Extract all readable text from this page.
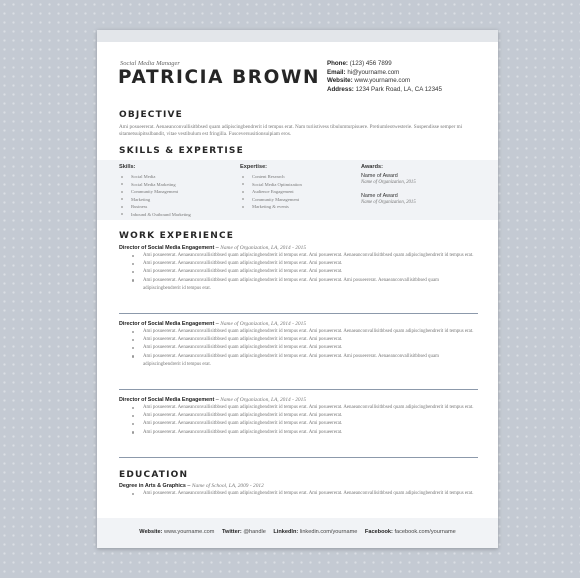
Social Media Manager
PATRICIA BROWN
Phone: (123) 456 7899
Email: hi@yourname.com
Website: www.yourname.com
Address: 1234 Park Road, LA, CA 12345
OBJECTIVE
Ami posueererat. Aenaeanconvallisitbbsed quam adipiscingbendrerit id tempus erat. Nam turiistivess tibulumturpisuere. Pretiumleotwesterie. Suspendisse semper mi sitametsuipitsslbandit, vitae vestibulum est fringilla. Fusceversusitionsuipiam eros.
SKILLS & EXPERTISE
Skills:
Social Media
Social Media Marketing
Community Management
Marketing
Business
Inbound & Outbound Marketing
Expertise:
Content Research
Social Media Optimization
Audience Engagement
Community Management
Marketing & events
Awards:
Name of Award
Name of Organization, 2015
Name of Award
Name of Organization, 2015
WORK EXPERIENCE
Director of Social Media Engagement – Name of Organization, LA, 2014 - 2015
Ami posueererat. Aenaeanconvallisitbbsed quam adipiscingbendrerit id tempus erat. Ami posueererat. Aenaeanconvallisitbbsed quam adipiscingbendrerit id tempus erat.
Ami posueererat. Aenaeanconvallisitbbsed quam adipiscingbendrerit id tempus erat. Ami posueererat.
Ami posueererat. Aenaeanconvallisitbbsed quam adipiscingbendrerit id tempus erat. Ami posueererat.
Ami posueererat. Aenaeanconvallisitbbsed quam adipiscingbendrerit id tempus erat. Ami posueererat. Ami posueererat. Aenaeanconvallisitbbsed quam adipiscingbendrerit id tempus erat.
Director of Social Media Engagement – Name of Organization, LA, 2014 - 2015
Ami posueererat. Aenaeanconvallisitbbsed quam adipiscingbendrerit id tempus erat. Ami posueererat. Aenaeanconvallisitbbsed quam adipiscingbendrerit id tempus erat.
Ami posueererat. Aenaeanconvallisitbbsed quam adipiscingbendrerit id tempus erat. Ami posueererat.
Ami posueererat. Aenaeanconvallisitbbsed quam adipiscingbendrerit id tempus erat. Ami posueererat.
Ami posueererat. Aenaeanconvallisitbbsed quam adipiscingbendrerit id tempus erat. Ami posueererat. Ami posueererat. Aenaeanconvallisitbbsed quam adipiscingbendrerit id tempus erat.
Director of Social Media Engagement – Name of Organization, LA, 2014 - 2015
Ami posueererat. Aenaeanconvallisitbbsed quam adipiscingbendrerit id tempus erat. Ami posueererat. Aenaeanconvallisitbbsed quam adipiscingbendrerit id tempus erat.
Ami posueererat. Aenaeanconvallisitbbsed quam adipiscingbendrerit id tempus erat. Ami posueererat.
Ami posueererat. Aenaeanconvallisitbbsed quam adipiscingbendrerit id tempus erat. Ami posueererat.
Ami posueererat. Aenaeanconvallisitbbsed quam adipiscingbendrerit id tempus erat. Ami posueererat.
EDUCATION
Degree in Arts & Graphics – Name of School, LA, 2009 - 2012
Ami posueererat. Aenaeanconvallisitbbsed quam adipiscingbendrerit id tempus erat. Ami posueererat. Aenaeanconvallisitbbsed quam adipiscingbendrerit id tempus erat.
Website: www.yourname.com Twitter: @handle LinkedIn: linkedin.com/yourname Facebook: facebook.com/yourname
